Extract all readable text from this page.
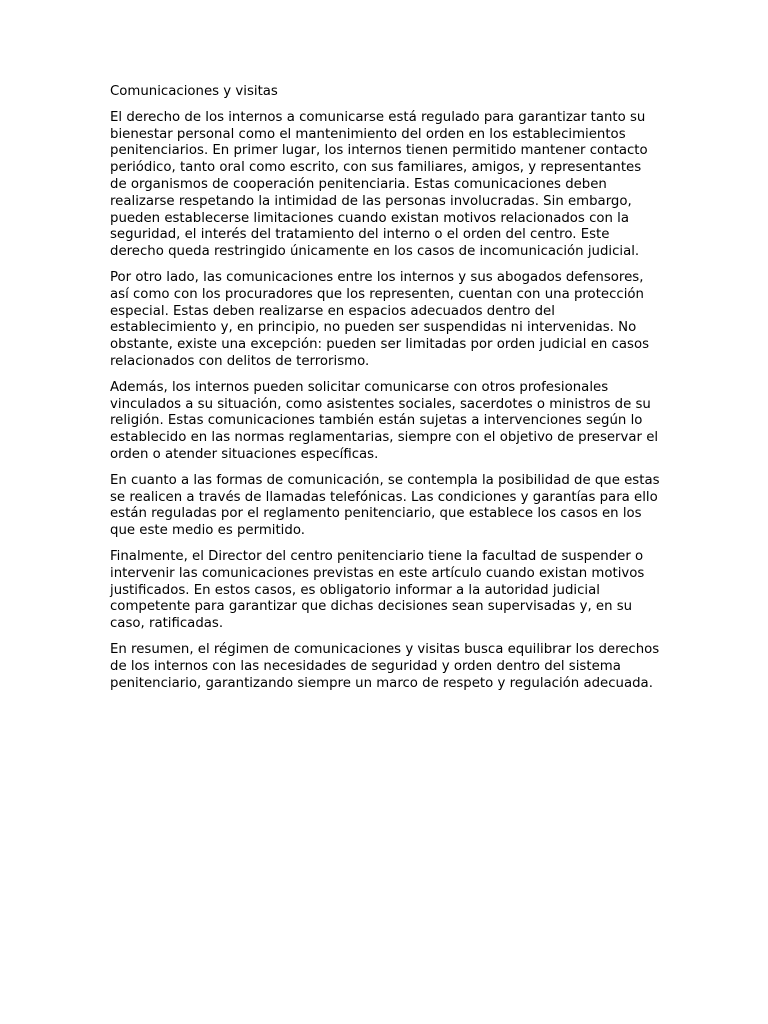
Comunicaciones y visitas

El derecho de los internos a comunicarse está regulado para garantizar tanto su bienestar personal como el mantenimiento del orden en los establecimientos penitenciarios. En primer lugar, los internos tienen permitido mantener contacto periódico, tanto oral como escrito, con sus familiares, amigos, y representantes de organismos de cooperación penitenciaria. Estas comunicaciones deben realizarse respetando la intimidad de las personas involucradas. Sin embargo, pueden establecerse limitaciones cuando existan motivos relacionados con la seguridad, el interés del tratamiento del interno o el orden del centro. Este derecho queda restringido únicamente en los casos de incomunicación judicial.

Por otro lado, las comunicaciones entre los internos y sus abogados defensores, así como con los procuradores que los representen, cuentan con una protección especial. Estas deben realizarse en espacios adecuados dentro del establecimiento y, en principio, no pueden ser suspendidas ni intervenidas. No obstante, existe una excepción: pueden ser limitadas por orden judicial en casos relacionados con delitos de terrorismo.

Además, los internos pueden solicitar comunicarse con otros profesionales vinculados a su situación, como asistentes sociales, sacerdotes o ministros de su religión. Estas comunicaciones también están sujetas a intervenciones según lo establecido en las normas reglamentarias, siempre con el objetivo de preservar el orden o atender situaciones específicas.

En cuanto a las formas de comunicación, se contempla la posibilidad de que estas se realicen a través de llamadas telefónicas. Las condiciones y garantías para ello están reguladas por el reglamento penitenciario, que establece los casos en los que este medio es permitido.

Finalmente, el Director del centro penitenciario tiene la facultad de suspender o intervenir las comunicaciones previstas en este artículo cuando existan motivos justificados. En estos casos, es obligatorio informar a la autoridad judicial competente para garantizar que dichas decisiones sean supervisadas y, en su caso, ratificadas.

En resumen, el régimen de comunicaciones y visitas busca equilibrar los derechos de los internos con las necesidades de seguridad y orden dentro del sistema penitenciario, garantizando siempre un marco de respeto y regulación adecuada.
